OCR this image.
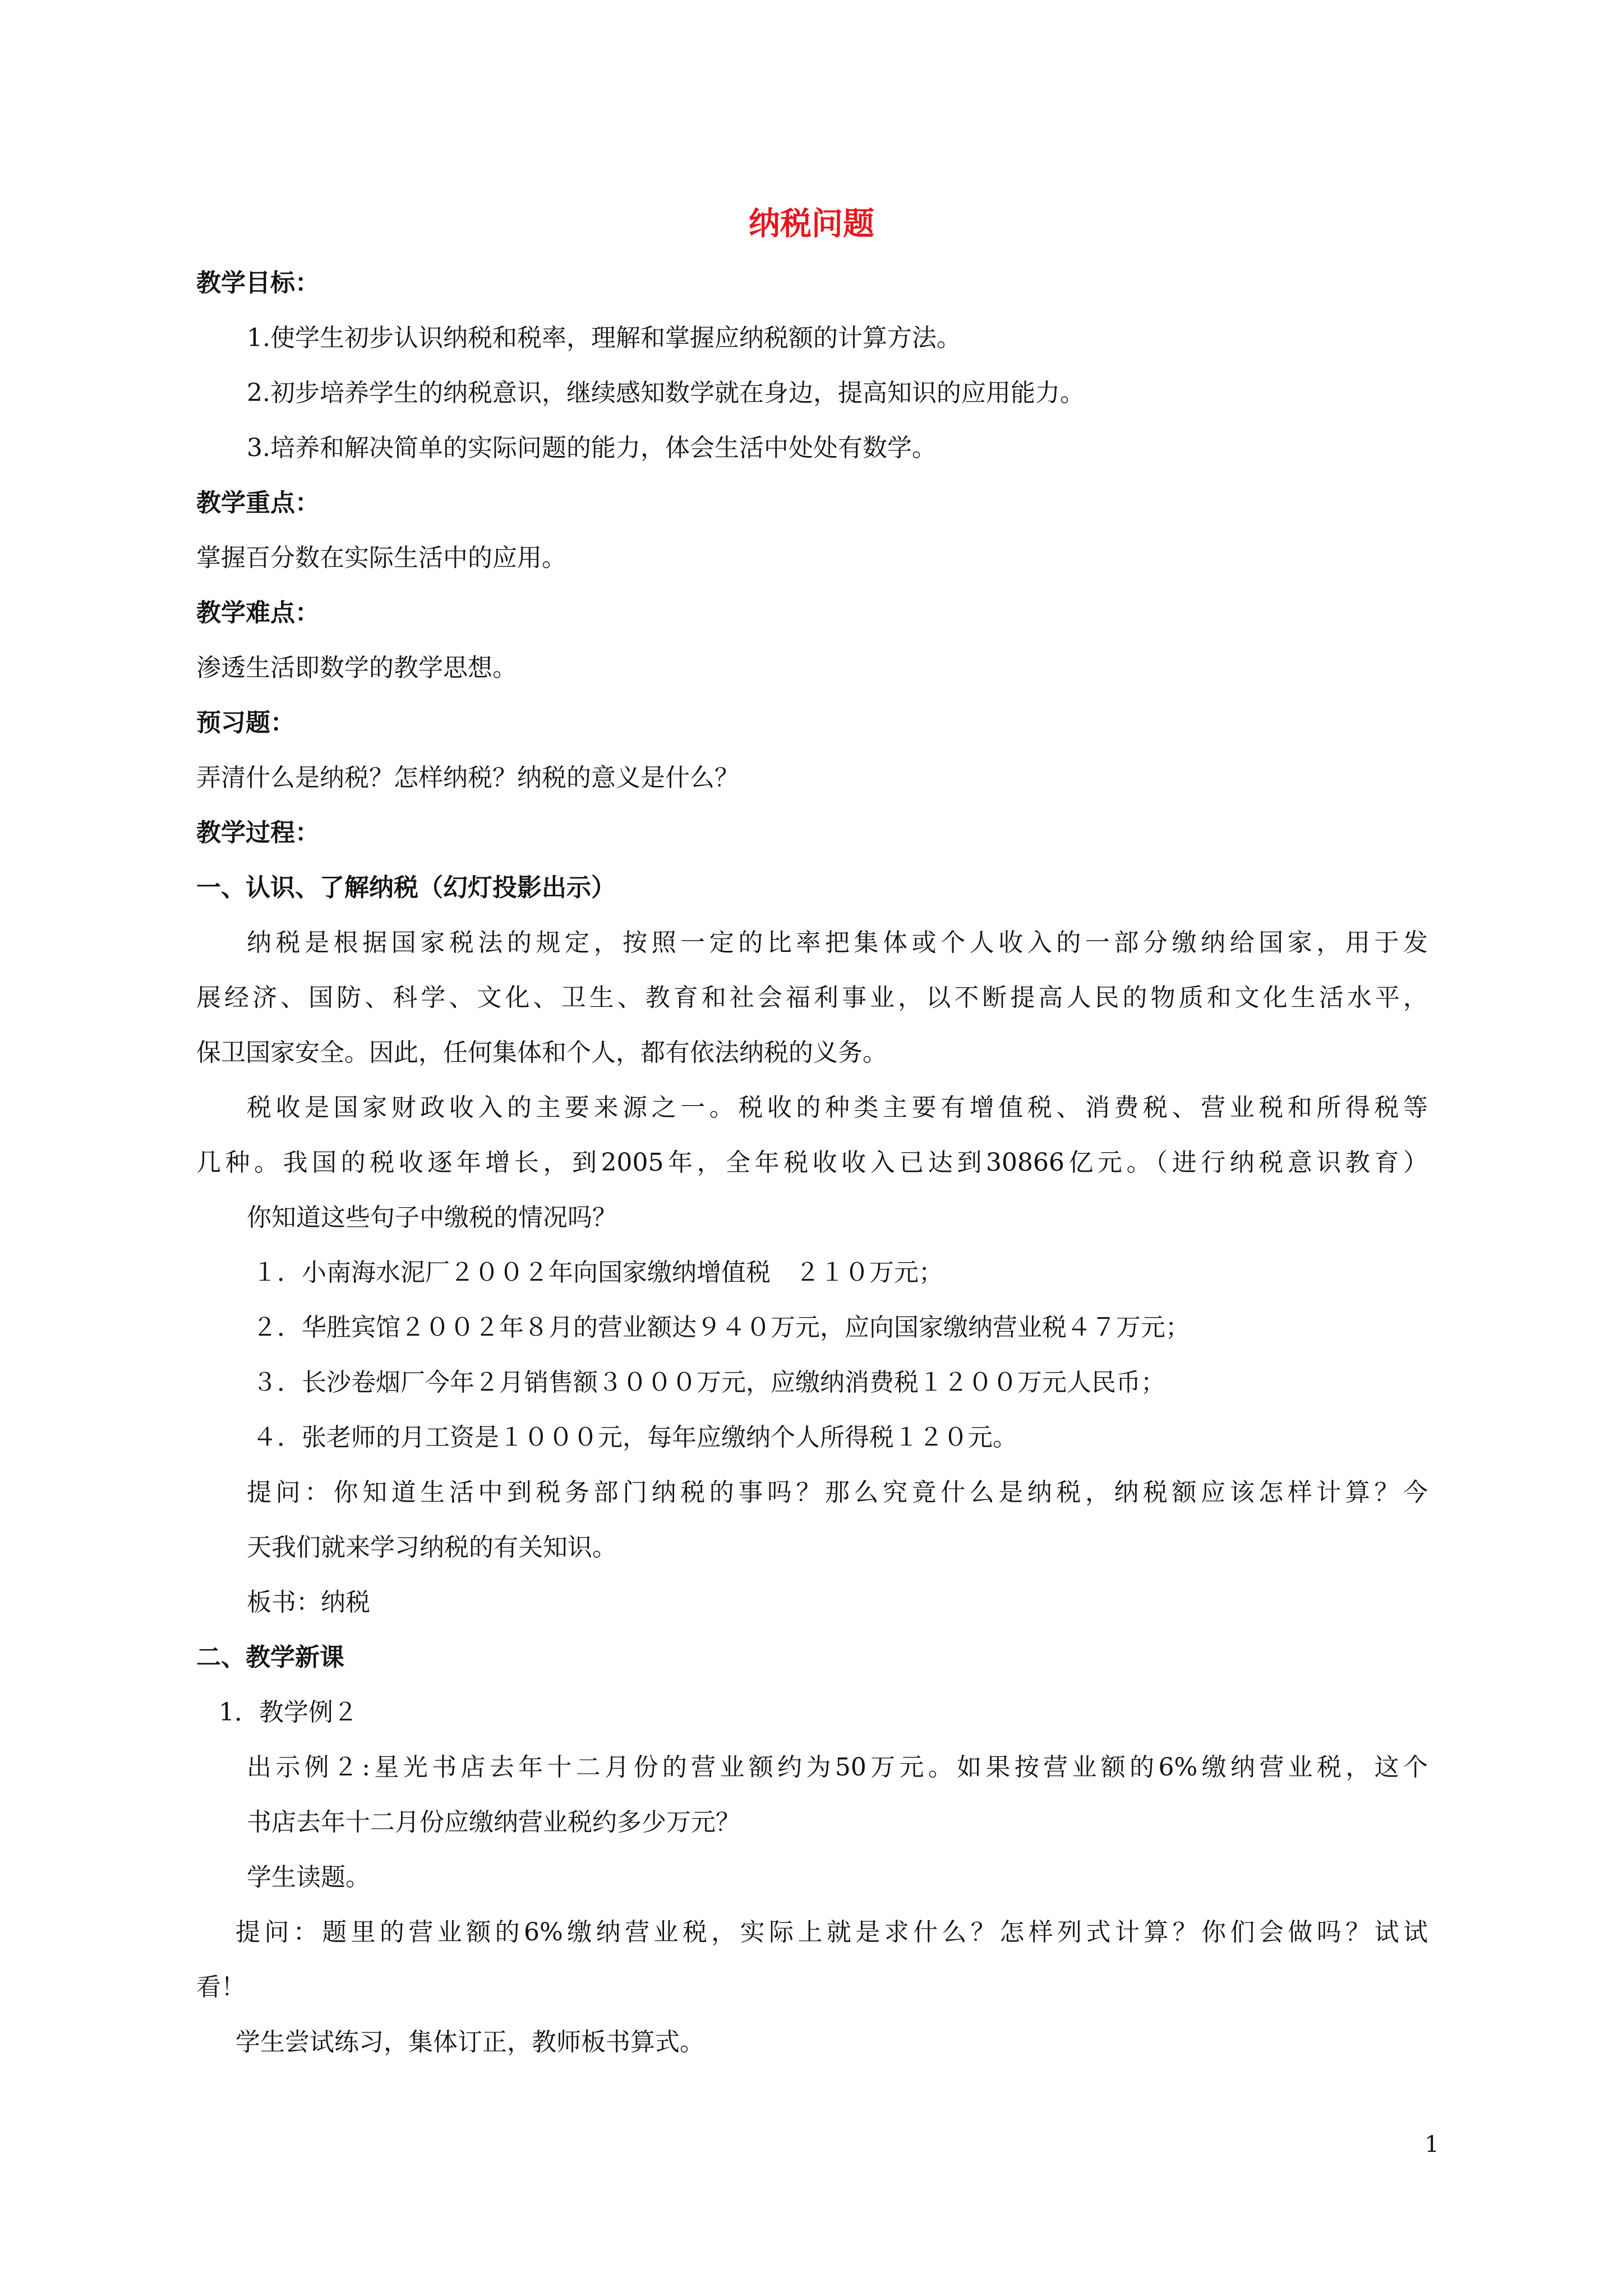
纳税问题
教学目标：
1.使学生初步认识纳税和税率，理解和掌握应纳税额的计算方法。
2.初步培养学生的纳税意识，继续感知数学就在身边，提高知识的应用能力。
3.培养和解决简单的实际问题的能力，体会生活中处处有数学。
教学重点：
掌握百分数在实际生活中的应用。
教学难点：
渗透生活即数学的教学思想。
预习题：
弄清什么是纳税？怎样纳税？纳税的意义是什么？
教学过程：
一、认识、了解纳税（幻灯投影出示）
纳税是根据国家税法的规定，按照一定的比率把集体或个人收入的一部分缴纳给国家，用于发
展经济、国防、科学、文化、卫生、教育和社会福利事业，以不断提高人民的物质和文化生活水平，
保卫国家安全。因此，任何集体和个人，都有依法纳税的义务。
税收是国家财政收入的主要来源之一。税收的种类主要有增值税、消费税、营业税和所得税等
几种。我国的税收逐年增长，到2005年，全年税收收入已达到30866亿元。（进行纳税意识教育）
你知道这些句子中缴税的情况吗？
１．小南海水泥厂２００２年向国家缴纳增值税　２１０万元；
２．华胜宾馆２００２年８月的营业额达９４０万元，应向国家缴纳营业税４７万元；
３．长沙卷烟厂今年２月销售额３０００万元，应缴纳消费税１２００万元人民币；
４．张老师的月工资是１０００元，每年应缴纳个人所得税１２０元。
提问：你知道生活中到税务部门纳税的事吗？那么究竟什么是纳税，纳税额应该怎样计算？今
天我们就来学习纳税的有关知识。
板书：纳税
二、教学新课
1．教学例２
出示例２:星光书店去年十二月份的营业额约为50万元。如果按营业额的6%缴纳营业税，这个
书店去年十二月份应缴纳营业税约多少万元？
学生读题。
提问：题里的营业额的6%缴纳营业税，实际上就是求什么？怎样列式计算？你们会做吗？试试
看！
学生尝试练习，集体订正，教师板书算式。
1
